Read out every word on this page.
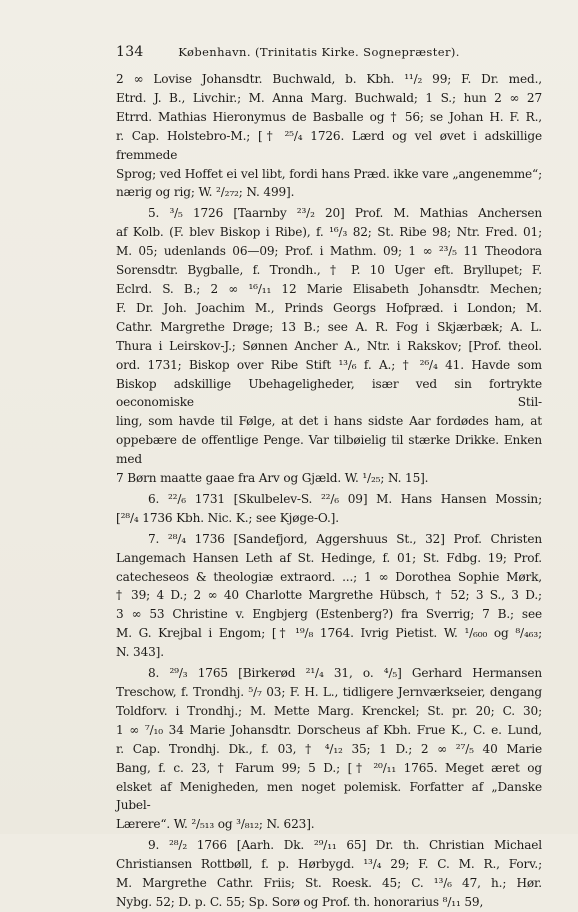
134	København. (Trinitatis Kirke. Sognepræster).

2 ∞ Lovise Johansdtr. Buchwald, b. Kbh. ¹¹/₂ 99; F. Dr. med.,

Etrd. J. B., Livchir.; M. Anna Marg. Buchwald; 1 S.; hun 2 ∞ 27

Etrrd. Mathias Hieronymus de Basballe og † 56; se Johan H. F. R.,

r. Cap. Holstebro-M.; [† ²⁵/₄ 1726. Lærd og vel øvet i adskillige fremmede

Sprog; ved Hoffet ei vel libt, fordi hans Præd. ikke vare „angenemme“;

nærig og rig; W. ²/₂₇₂; N. 499].

5. ³/₅ 1726 [Taarnby ²³/₂ 20] Prof. M. Mathias Anchersen

af Kolb. (F. blev Biskop i Ribe), f. ¹⁶/₃ 82; St. Ribe 98; Ntr. Fred. 01;

M. 05; udenlands 06—09; Prof. i Mathm. 09; 1 ∞ ²³/₅ 11 Theodora

Sorensdtr. Bygballe, f. Trondh., † P. 10 Uger eft. Bryllupet; F.

Eclrd. S. B.; 2 ∞ ¹⁶/₁₁ 12 Marie Elisabeth Johansdtr. Mechen;

F. Dr. Joh. Joachim M., Prinds Georgs Hofpræd. i London; M.

Cathr. Margrethe Drøge; 13 B.; see A. R. Fog i Skjærbæk; A. L.

Thura i Leirskov-J.; Sønnen Ancher A., Ntr. i Rakskov; [Prof. theol.

ord. 1731; Biskop over Ribe Stift ¹³/₆ f. A.; † ²⁶/₄ 41. Havde som

Biskop adskillige Ubehageligheder, især ved sin fortrykte oeconomiske Stil-

ling, som havde til Følge, at det i hans sidste Aar fordødes ham, at

oppebære de offentlige Penge. Var tilbøielig til stærke Drikke. Enken med

7 Børn maatte gaae fra Arv og Gjæld. W. ¹/₂₅; N. 15].

6. ²²/₆ 1731 [Skulbelev-S. ²²/₆ 09] M. Hans Hansen Mossin;

[²⁸/₄ 1736 Kbh. Nic. K.; see Kjøge-O.].

7. ²⁸/₄ 1736 [Sandefjord, Aggershuus St., 32] Prof. Christen

Langemach Hansen Leth af St. Hedinge, f. 01; St. Fdbg. 19; Prof.

catecheseos & theologiæ extraord. ...; 1 ∞ Dorothea Sophie Mørk,

† 39; 4 D.; 2 ∞ 40 Charlotte Margrethe Hübsch, † 52; 3 S., 3 D.;

3 ∞ 53 Christine v. Engbjerg (Estenberg?) fra Sverrig; 7 B.; see

M. G. Krejbal i Engom; [† ¹⁹/₈ 1764. Ivrig Pietist. W. ¹/₆₀₀ og ⁸/₄₆₃;

N. 343].

8. ²⁹/₃ 1765 [Birkerød ²¹/₄ 31, o. ⁴/₅] Gerhard Hermansen

Treschow, f. Trondhj. ⁵/₇ 03; F. H. L., tidligere Jernværkseier, dengang

Toldforv. i Trondhj.; M. Mette Marg. Krenckel; St. pr. 20; C. 30;

1 ∞ ⁷/₁₀ 34 Marie Johansdtr. Dorscheus af Kbh. Frue K., C. e. Lund,

r. Cap. Trondhj. Dk., f. 03, † ⁴/₁₂ 35; 1 D.; 2 ∞ ²⁷/₅ 40 Marie

Bang, f. c. 23, † Farum 99; 5 D.; [† ²⁰/₁₁ 1765. Meget æret og

elsket af Menigheden, men noget polemisk. Forfatter af „Danske Jubel-

Lærere“. W. ²/₅₁₃ og ³/₈₁₂; N. 623].

9. ²⁸/₂ 1766 [Aarh. Dk. ²⁹/₁₁ 65] Dr. th. Christian Michael

Christiansen Rottbøll, f. p. Hørbygd. ¹³/₄ 29; F. C. M. R., Forv.;

M. Margrethe Cathr. Friis; St. Roesk. 45; C. ¹³/₆ 47, h.; Hør.

Nybg. 52; D. p. C. 55; Sp. Sorø og Prof. th. honorarius ⁸/₁₁ 59,
